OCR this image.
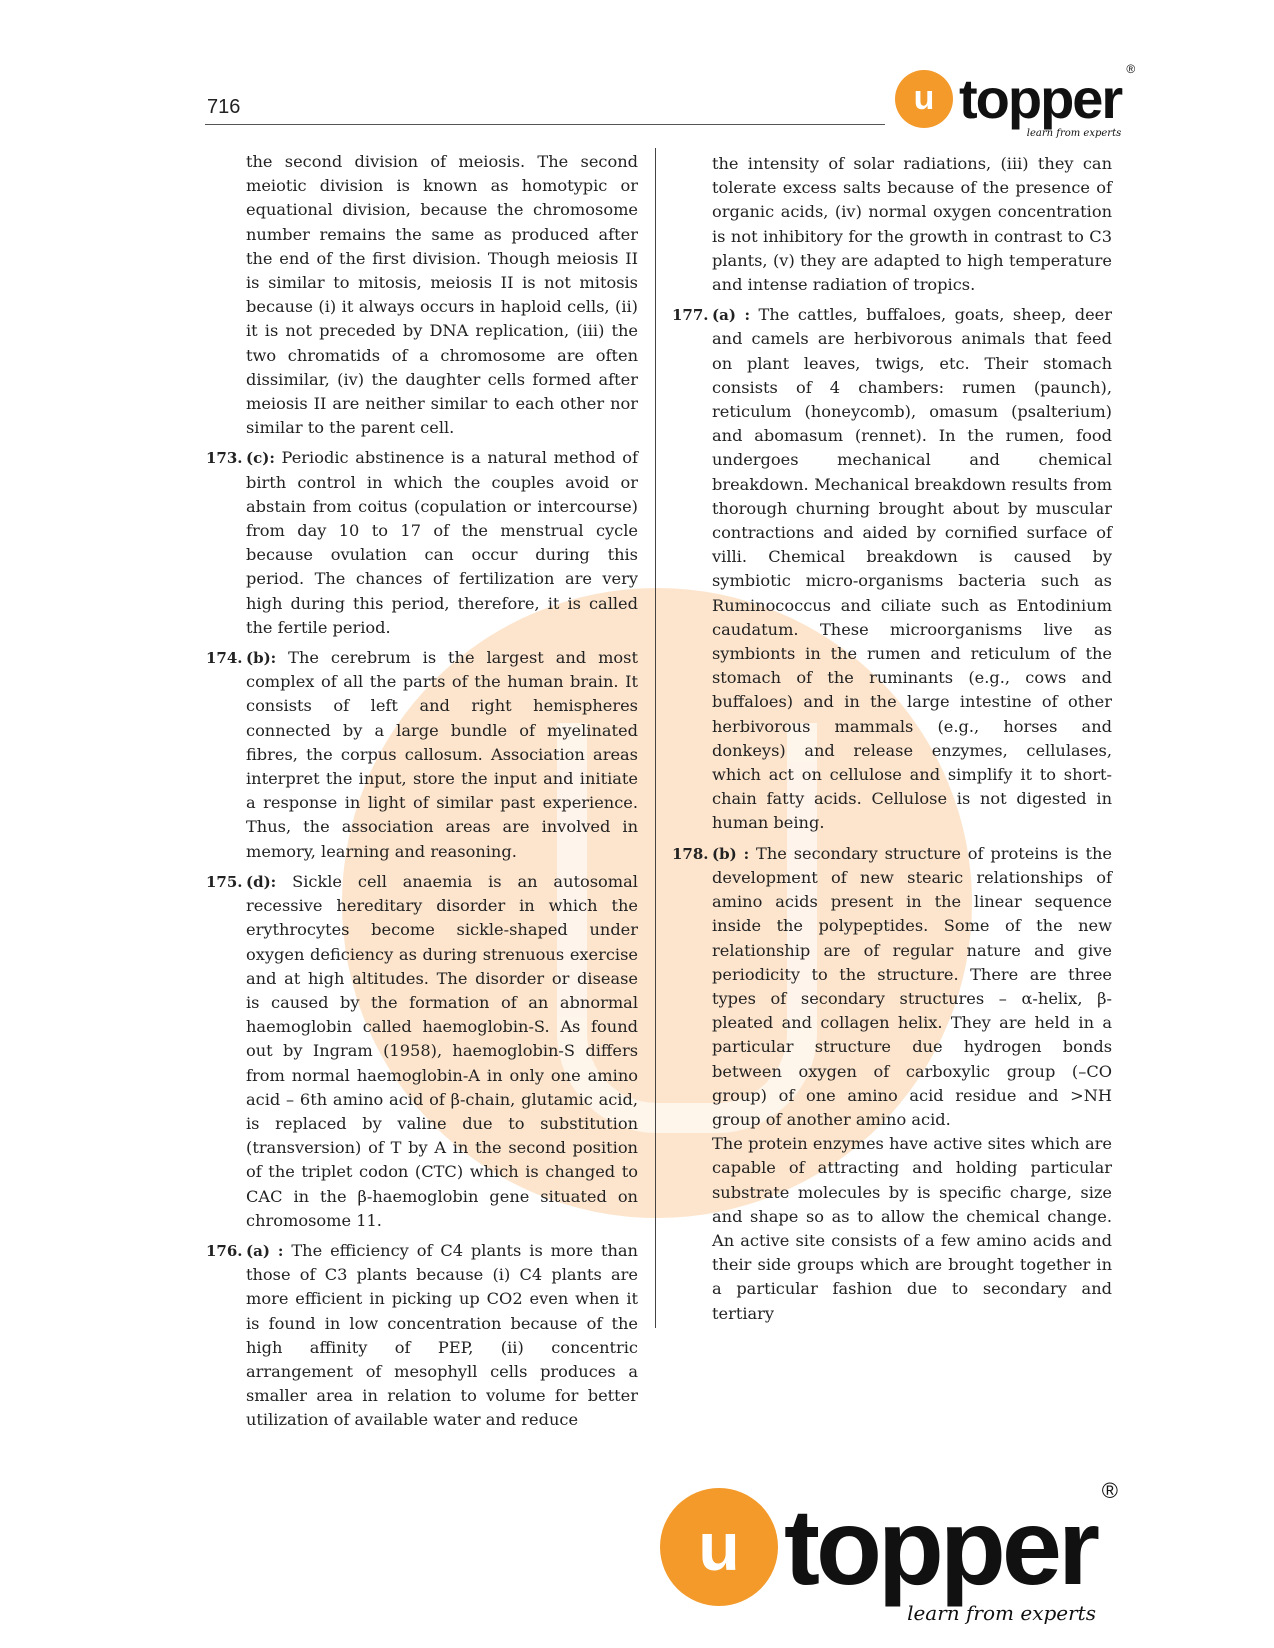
716	u topper ®
learn from experts
the second division of meiosis. The second meiotic division is known as homotypic or equational division, because the chromosome number remains the same as produced after the end of the first division. Though meiosis II is similar to mitosis, meiosis II is not mitosis because (i) it always occurs in haploid cells, (ii) it is not preceded by DNA replication, (iii) the two chromatids of a chromosome are often dissimilar, (iv) the daughter cells formed after meiosis II are neither similar to each other nor similar to the parent cell.
173. (c): Periodic abstinence is a natural method of birth control in which the couples avoid or abstain from coitus (copulation or intercourse) from day 10 to 17 of the menstrual cycle because ovulation can occur during this period. The chances of fertilization are very high during this period, therefore, it is called the fertile period.
174. (b): The cerebrum is the largest and most complex of all the parts of the human brain. It consists of left and right hemispheres connected by a large bundle of myelinated fibres, the corpus callosum. Association areas interpret the input, store the input and initiate a response in light of similar past experience. Thus, the association areas are involved in memory, learning and reasoning.
175. (d): Sickle cell anaemia is an autosomal recessive hereditary disorder in which the erythrocytes become sickle-shaped under oxygen deficiency as during strenuous exercise and at high altitudes. The disorder or disease is caused by the formation of an abnormal haemoglobin called haemoglobin-S. As found out by Ingram (1958), haemoglobin-S differs from normal haemoglobin-A in only one amino acid – 6th amino acid of β-chain, glutamic acid, is replaced by valine due to substitution (transversion) of T by A in the second position of the triplet codon (CTC) which is changed to CAC in the β-haemoglobin gene situated on chromosome 11.
176. (a) : The efficiency of C4 plants is more than those of C3 plants because (i) C4 plants are more efficient in picking up CO2 even when it is found in low concentration because of the high affinity of PEP, (ii) concentric arrangement of mesophyll cells produces a smaller area in relation to volume for better utilization of available water and reduce
the intensity of solar radiations, (iii) they can tolerate excess salts because of the presence of organic acids, (iv) normal oxygen concentration is not inhibitory for the growth in contrast to C3 plants, (v) they are adapted to high temperature and intense radiation of tropics.
177. (a) : The cattles, buffaloes, goats, sheep, deer and camels are herbivorous animals that feed on plant leaves, twigs, etc. Their stomach consists of 4 chambers: rumen (paunch), reticulum (honeycomb), omasum (psalterium) and abomasum (rennet). In the rumen, food undergoes mechanical and chemical breakdown. Mechanical breakdown results from thorough churning brought about by muscular contractions and aided by cornified surface of villi. Chemical breakdown is caused by symbiotic micro-organisms bacteria such as Ruminococcus and ciliate such as Entodinium caudatum. These microorganisms live as symbionts in the rumen and reticulum of the stomach of the ruminants (e.g., cows and buffaloes) and in the large intestine of other herbivorous mammals (e.g., horses and donkeys) and release enzymes, cellulases, which act on cellulose and simplify it to short-chain fatty acids. Cellulose is not digested in human being.
178. (b) : The secondary structure of proteins is the development of new stearic relationships of amino acids present in the linear sequence inside the polypeptides. Some of the new relationship are of regular nature and give periodicity to the structure. There are three types of secondary structures – α-helix, β-pleated and collagen helix. They are held in a particular structure due hydrogen bonds between oxygen of carboxylic group (–CO group) of one amino acid residue and >NH group of another amino acid.
The protein enzymes have active sites which are capable of attracting and holding particular substrate molecules by is specific charge, size and shape so as to allow the chemical change. An active site consists of a few amino acids and their side groups which are brought together in a particular fashion due to secondary and tertiary
u topper ®
learn from experts
